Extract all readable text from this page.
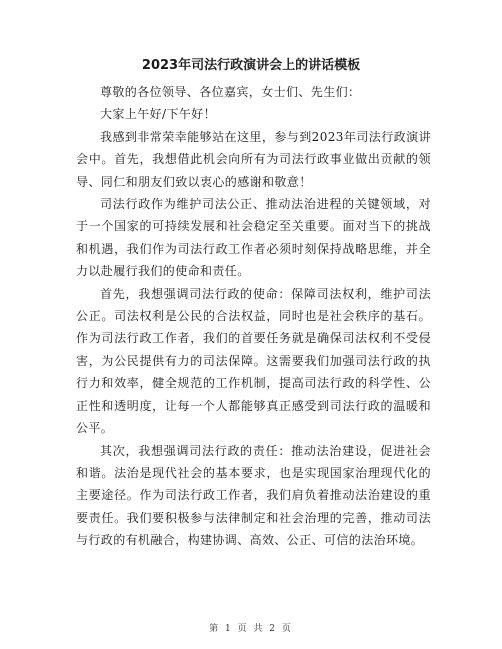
2023年司法行政演讲会上的讲话模板

尊敬的各位领导、各位嘉宾，女士们、先生们：

大家上午好/下午好！

我感到非常荣幸能够站在这里，参与到2023年司法行政演讲会中。首先，我想借此机会向所有为司法行政事业做出贡献的领导、同仁和朋友们致以衷心的感谢和敬意！

司法行政作为维护司法公正、推动法治进程的关键领域，对于一个国家的可持续发展和社会稳定至关重要。面对当下的挑战和机遇，我们作为司法行政工作者必须时刻保持战略思维，并全力以赴履行我们的使命和责任。

首先，我想强调司法行政的使命：保障司法权利，维护司法公正。司法权利是公民的合法权益，同时也是社会秩序的基石。作为司法行政工作者，我们的首要任务就是确保司法权利不受侵害，为公民提供有力的司法保障。这需要我们加强司法行政的执行力和效率，健全规范的工作机制，提高司法行政的科学性、公正性和透明度，让每一个人都能够真正感受到司法行政的温暖和公平。

其次，我想强调司法行政的责任：推动法治建设，促进社会和谐。法治是现代社会的基本要求，也是实现国家治理现代化的主要途径。作为司法行政工作者，我们肩负着推动法治建设的重要责任。我们要积极参与法律制定和社会治理的完善，推动司法与行政的有机融合，构建协调、高效、公正、可信的法治环境。

第 1 页 共 2 页
